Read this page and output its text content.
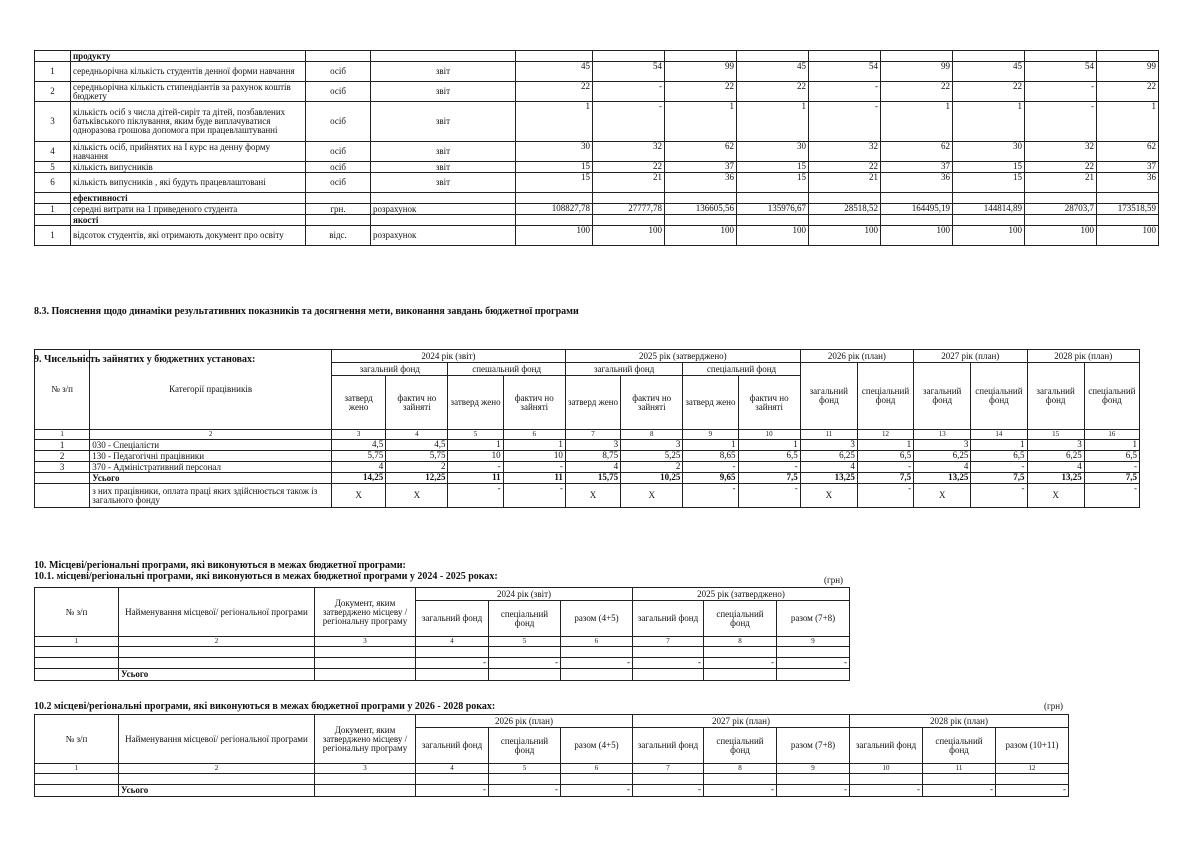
	продукту											
1	середньорічна кількість студентів денної форми навчання	осіб	звіт	45	54	99	45	54	99	45	54	99
2	середньорічна кількість стипендіантів за рахунок коштів бюджету	осіб	звіт	22	-	22	22	-	22	22	-	22
3	кількість осіб з числа дітей-сиріт та дітей, позбавлених батьківського піклування, яким буде виплачуватися одноразова грошова допомога при працевлаштуванні	осіб	звіт	1	-	1	1	-	1	1	-	1
4	кількість осіб, прийнятих на I курс на денну форму навчання	осіб	звіт	30	32	62	30	32	62	30	32	62
5	кількість випусників	осіб	звіт	15	22	37	15	22	37	15	22	37
6	кількість випусників , які будуть працевлаштовані	осіб	звіт	15	21	36	15	21	36	15	21	36
	ефективності											
1	середні витрати на 1 приведеного студента	грн.	розрахунок	108827,78	27777,78	136605,56	135976,67	28518,52	164495,19	144814,89	28703,7	173518,59
	якості											
1	відсоток студентів, які отримають документ про освіту	відс.	розрахунок	100	100	100	100	100	100	100	100	100
8.3. Пояснення щодо динаміки результативних показників та досягнення мети, виконання завдань бюджетної програми
9. Чисельність зайнятих у бюджетних установах:
№ з/п	Категорії працівників	2024 рік (звіт)				2025 рік (затверджено)				2026 рік (план)		2027 рік (план)		2028 рік (план)	
		загальний фонд		спешальний фонд		загальний фонд		спеціальний фонд		загальний фонд	спеціальний фонд	загальний фонд	спеціальний фонд	загальний фонд	спеціальний фонд
		затверд жено	фактич но зайняті	затверд жено	фактич но зайняті	затверд жено	фактич но зайняті	затверд жено	фактич но зайняті						
1	2	3	4	5	6	7	8	9	10	11	12	13	14	15	16
1	030 - Спеціалісти	4,5	4,5	1	1	3	3	1	1	3	1	3	1	3	1
2	130 - Педагогічні працівники	5,75	5,75	10	10	8,75	5,25	8,65	6,5	6,25	6,5	6,25	6,5	6,25	6,5
3	370 - Адміністративний персонал	4	2	-	-	4	2	-	-	4	-	4	-	4	-
	Усього	14,25	12,25	11	11	15,75	10,25	9,65	7,5	13,25	7,5	13,25	7,5	13,25	7,5
	з них працівники, оплата праці яких здійснюється також із загального фонду	X	X	-	-	X	X	-	-	X	-	X	-	X	-
10. Місцеві/регіональні програми, які виконуються в межах бюджетної програми:
10.1. місцеві/регіональні програми, які виконуються в межах бюджетної програми у 2024 - 2025 роках:	(грн)
№ з/п	Найменування місцевої/ регіональної програми	Документ, яким затверджено місцеву / регіональну програму	2024 рік (звіт)			2025 рік (затверджено)		
			загальний фонд	спеціальний фонд	разом (4+5)	загальний фонд	спеціальний фонд	разом (7+8)
1	2	3	4	5	6	7	8	9

			-	-	-	-	-	-
	Усього							
10.2 місцеві/регіональні програми, які виконуються в межах бюджетної програми у 2026 - 2028 роках:	(грн)
№ з/п	Найменування місцевої/ регіональної програми	Документ, яким затверджено місцеву / регіональну програму	2026 рік (план)			2027 рік (план)			2028 рік (план)		
			загальний фонд	спеціальний фонд	разом (4+5)	загальний фонд	спеціальний фонд	разом (7+8)	загальний фонд	спеціальний фонд	разом (10+11)
1	2	3	4	5	6	7	8	9	10	11	12

	Усього		-	-	-	-	-	-	-	-	-
